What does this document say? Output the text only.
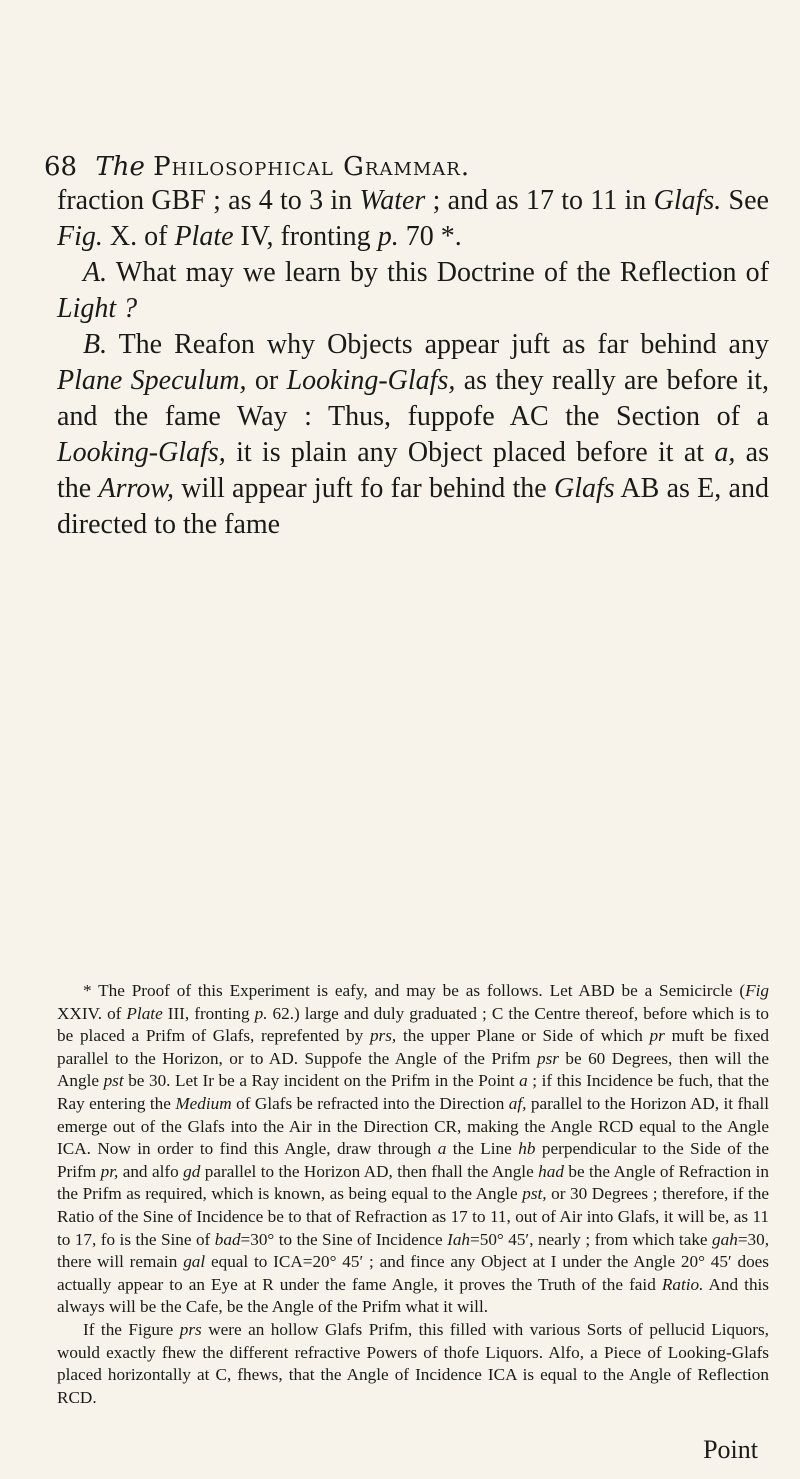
68 The Philosophical Grammar.

fraction GBF ; as 4 to 3 in Water ; and as 17 to 11 in Glafs. See Fig. X. of Plate IV, fronting p. 70 *.

A. What may we learn by this Doctrine of the Reflection of Light ?

B. The Reafon why Objects appear juft as far behind any Plane Speculum, or Looking-Glafs, as they really are before it, and the fame Way : Thus, fuppofe AC the Section of a Looking-Glafs, it is plain any Object placed before it at a, as the Arrow, will appear juft fo far behind the Glafs AB as E, and directed to the fame

* The Proof of this Experiment is eafy, and may be as follows. Let ABD be a Semicircle (Fig XXIV. of Plate III, fronting p. 62.) large and duly graduated ; C the Centre thereof, before which is to be placed a Prifm of Glafs, reprefented by prs, the upper Plane or Side of which pr muft be fixed parallel to the Horizon, or to AD. Suppofe the Angle of the Prifm psr be 60 Degrees, then will the Angle pst be 30. Let Ir be a Ray incident on the Prifm in the Point a ; if this Incidence be fuch, that the Ray entering the Medium of Glafs be refracted into the Direction af, parallel to the Horizon AD, it fhall emerge out of the Glafs into the Air in the Direction CR, making the Angle RCD equal to the Angle ICA. Now in order to find this Angle, draw through a the Line hb perpendicular to the Side of the Prifm pr, and alfo gd parallel to the Horizon AD, then fhall the Angle had be the Angle of Refraction in the Prifm as required, which is known, as being equal to the Angle pst, or 30 Degrees ; therefore, if the Ratio of the Sine of Incidence be to that of Refraction as 17 to 11, out of Air into Glafs, it will be, as 11 to 17, fo is the Sine of bad=30° to the Sine of Incidence Iah=50° 45′, nearly ; from which take gah=30, there will remain gal equal to ICA=20° 45′ ; and fince any Object at I under the Angle 20° 45′ does actually appear to an Eye at R under the fame Angle, it proves the Truth of the faid Ratio. And this always will be the Cafe, be the Angle of the Prifm what it will.

If the Figure prs were an hollow Glafs Prifm, this filled with various Sorts of pellucid Liquors, would exactly fhew the different refractive Powers of thofe Liquors. Alfo, a Piece of Looking-Glafs placed horizontally at C, fhews, that the Angle of Incidence ICA is equal to the Angle of Reflection RCD.

Point
